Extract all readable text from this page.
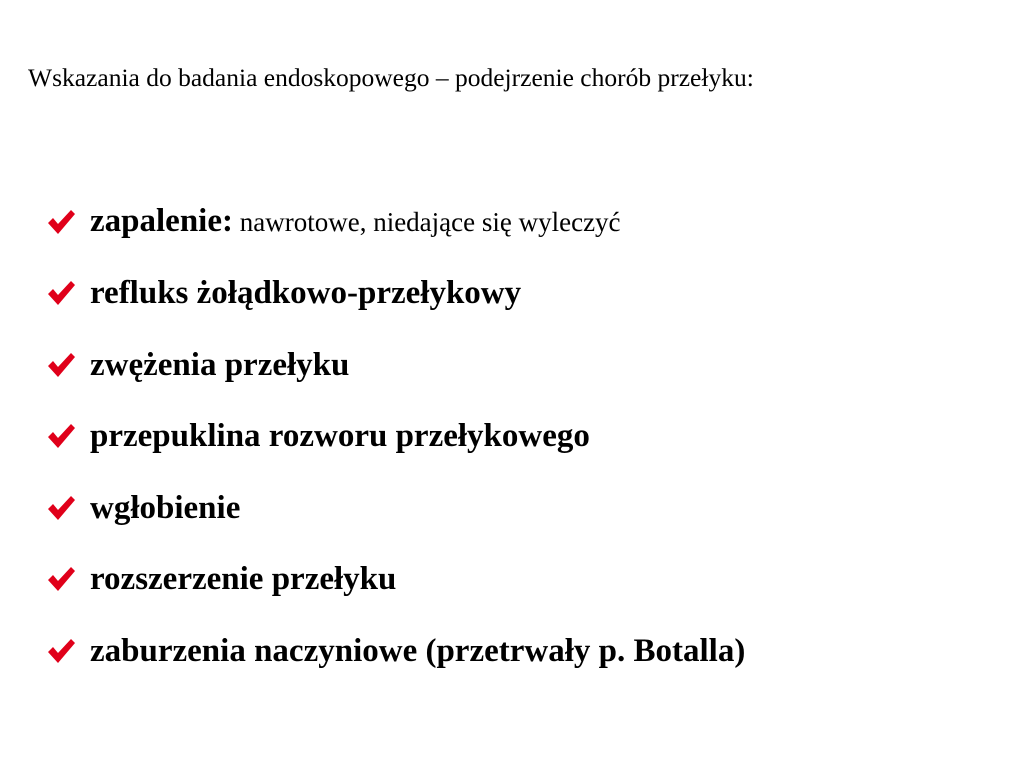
Wskazania do badania endoskopowego – podejrzenie chorób przełyku:
zapalenie: nawrotowe, niedające się wyleczyć
refluks żołądkowo-przełykowy
zwężenia przełyku
przepuklina rozworu przełykowego
wgłobienie
rozszerzenie przełyku
zaburzenia naczyniowe (przetrwały p. Botalla)
